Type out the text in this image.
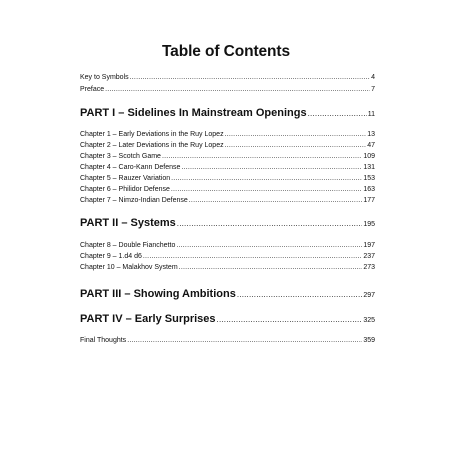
Table of Contents
Key to Symbols .....	4
Preface .....	7
PART I – Sidelines In Mainstream Openings .....	11
Chapter 1 – Early Deviations in the Ruy Lopez .....	13
Chapter 2 – Later Deviations in the Ruy Lopez .....	47
Chapter 3 – Scotch Game .....	109
Chapter 4 – Caro-Kann Defense .....	131
Chapter 5 – Rauzer Variation .....	153
Chapter 6 – Philidor Defense .....	163
Chapter 7 – Nimzo-Indian Defense .....	177
PART II – Systems .....	195
Chapter 8 – Double Fianchetto .....	197
Chapter 9 – 1.d4 d6 .....	237
Chapter 10 – Malakhov System .....	273
PART III – Showing Ambitions .....	297
PART IV – Early Surprises .....	325
Final Thoughts .....	359
